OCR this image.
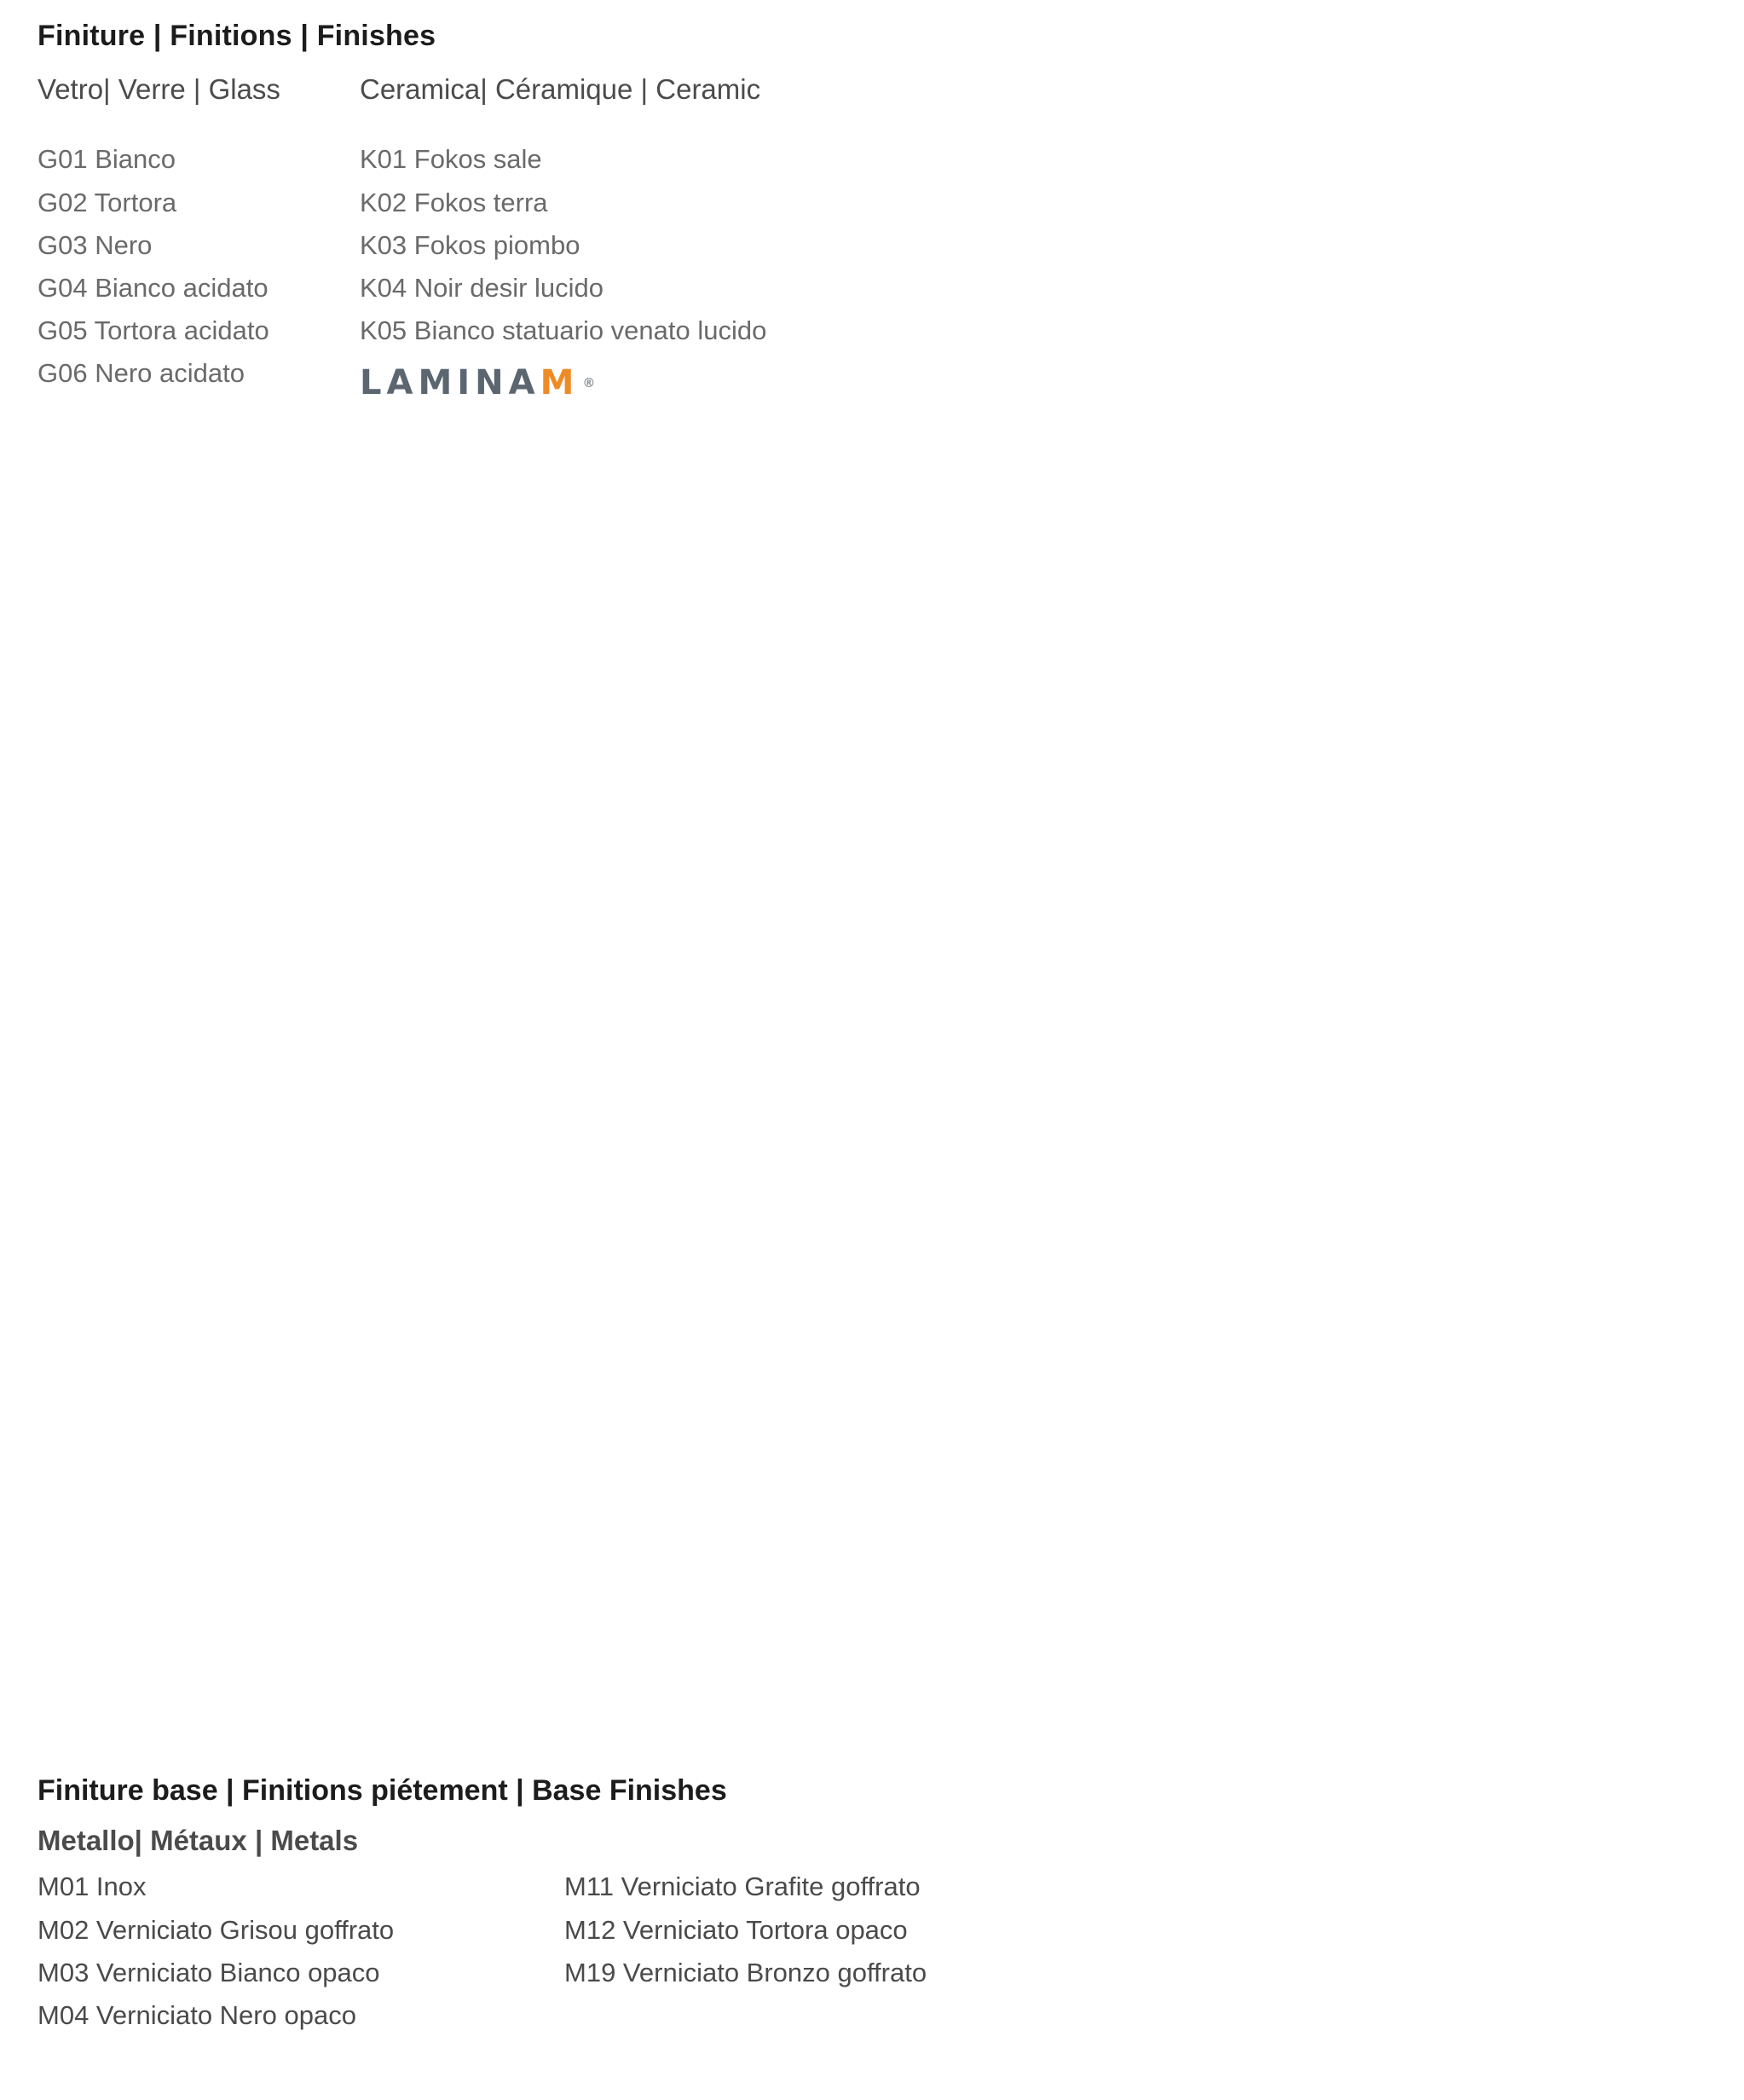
Finiture | Finitions | Finishes
Vetro| Verre | Glass
G01 Bianco
G02 Tortora
G03 Nero
G04 Bianco acidato
G05 Tortora acidato
G06 Nero acidato
Ceramica| Céramique | Ceramic
K01 Fokos sale
K02 Fokos terra
K03 Fokos piombo
K04 Noir desir lucido
K05 Bianco statuario venato lucido
LAMINA M ®
Finiture base | Finitions piétement | Base Finishes
Metallo| Métaux | Metals
M01 Inox
M02 Verniciato Grisou goffrato
M03 Verniciato Bianco opaco
M04 Verniciato Nero opaco
M11 Verniciato Grafite goffrato
M12 Verniciato Tortora opaco
M19 Verniciato Bronzo goffrato
